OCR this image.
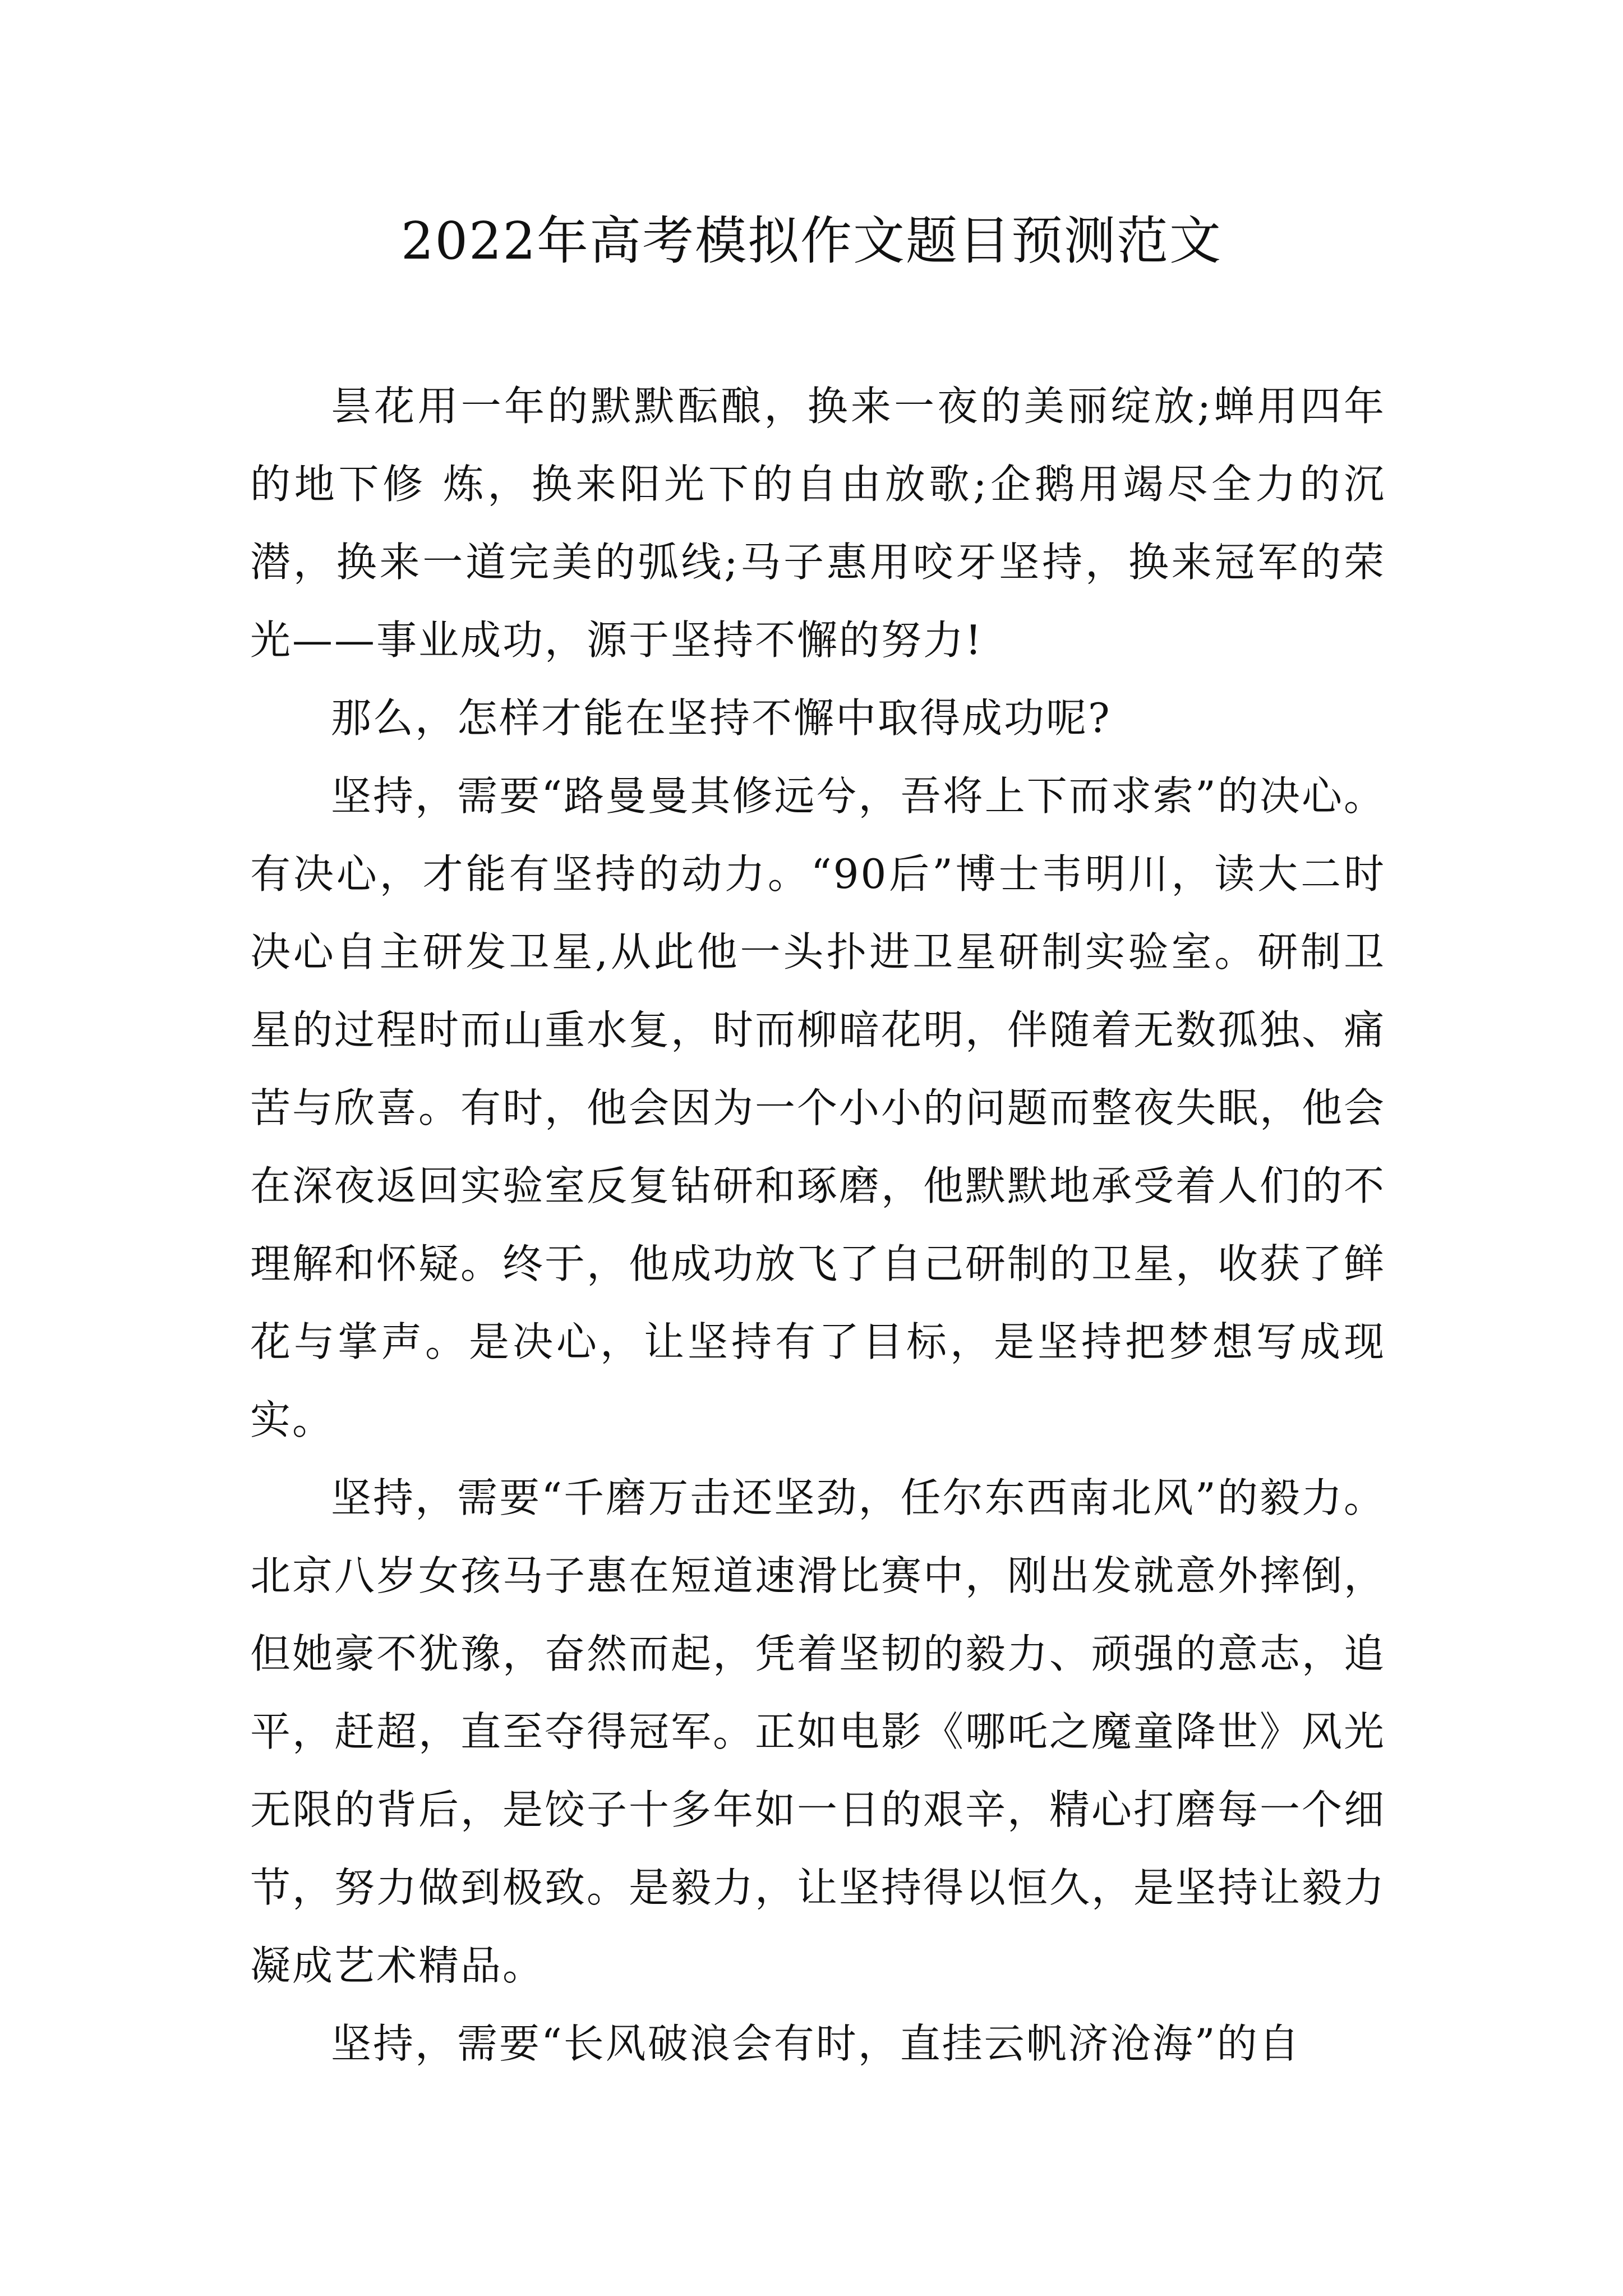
2022年高考模拟作文题目预测范文

昙花用一年的默默酝酿，换来一夜的美丽绽放;蝉用四年的地下修 炼，换来阳光下的自由放歌;企鹅用竭尽全力的沉潜，换来一道完美的弧线;马子惠用咬牙坚持，换来冠军的荣光——事业成功，源于坚持不懈的努力!

那么，怎样才能在坚持不懈中取得成功呢?

坚持，需要“路曼曼其修远兮，吾将上下而求索”的决心。有决心，才能有坚持的动力。“90后”博士韦明川，读大二时决心自主研发卫星,从此他一头扑进卫星研制实验室。研制卫星的过程时而山重水复，时而柳暗花明，伴随着无数孤独、痛苦与欣喜。有时，他会因为一个小小的问题而整夜失眠，他会在深夜返回实验室反复钻研和琢磨，他默默地承受着人们的不理解和怀疑。终于，他成功放飞了自己研制的卫星，收获了鲜花与掌声。是决心，让坚持有了目标，是坚持把梦想写成现实。

坚持，需要“千磨万击还坚劲，任尔东西南北风”的毅力。北京八岁女孩马子惠在短道速滑比赛中，刚出发就意外摔倒，但她豪不犹豫，奋然而起，凭着坚韧的毅力、顽强的意志，追平，赶超，直至夺得冠军。正如电影《哪吒之魔童降世》风光无限的背后，是饺子十多年如一日的艰辛，精心打磨每一个细节，努力做到极致。是毅力，让坚持得以恒久，是坚持让毅力凝成艺术精品。

坚持，需要“长风破浪会有时，直挂云帆济沧海”的自
